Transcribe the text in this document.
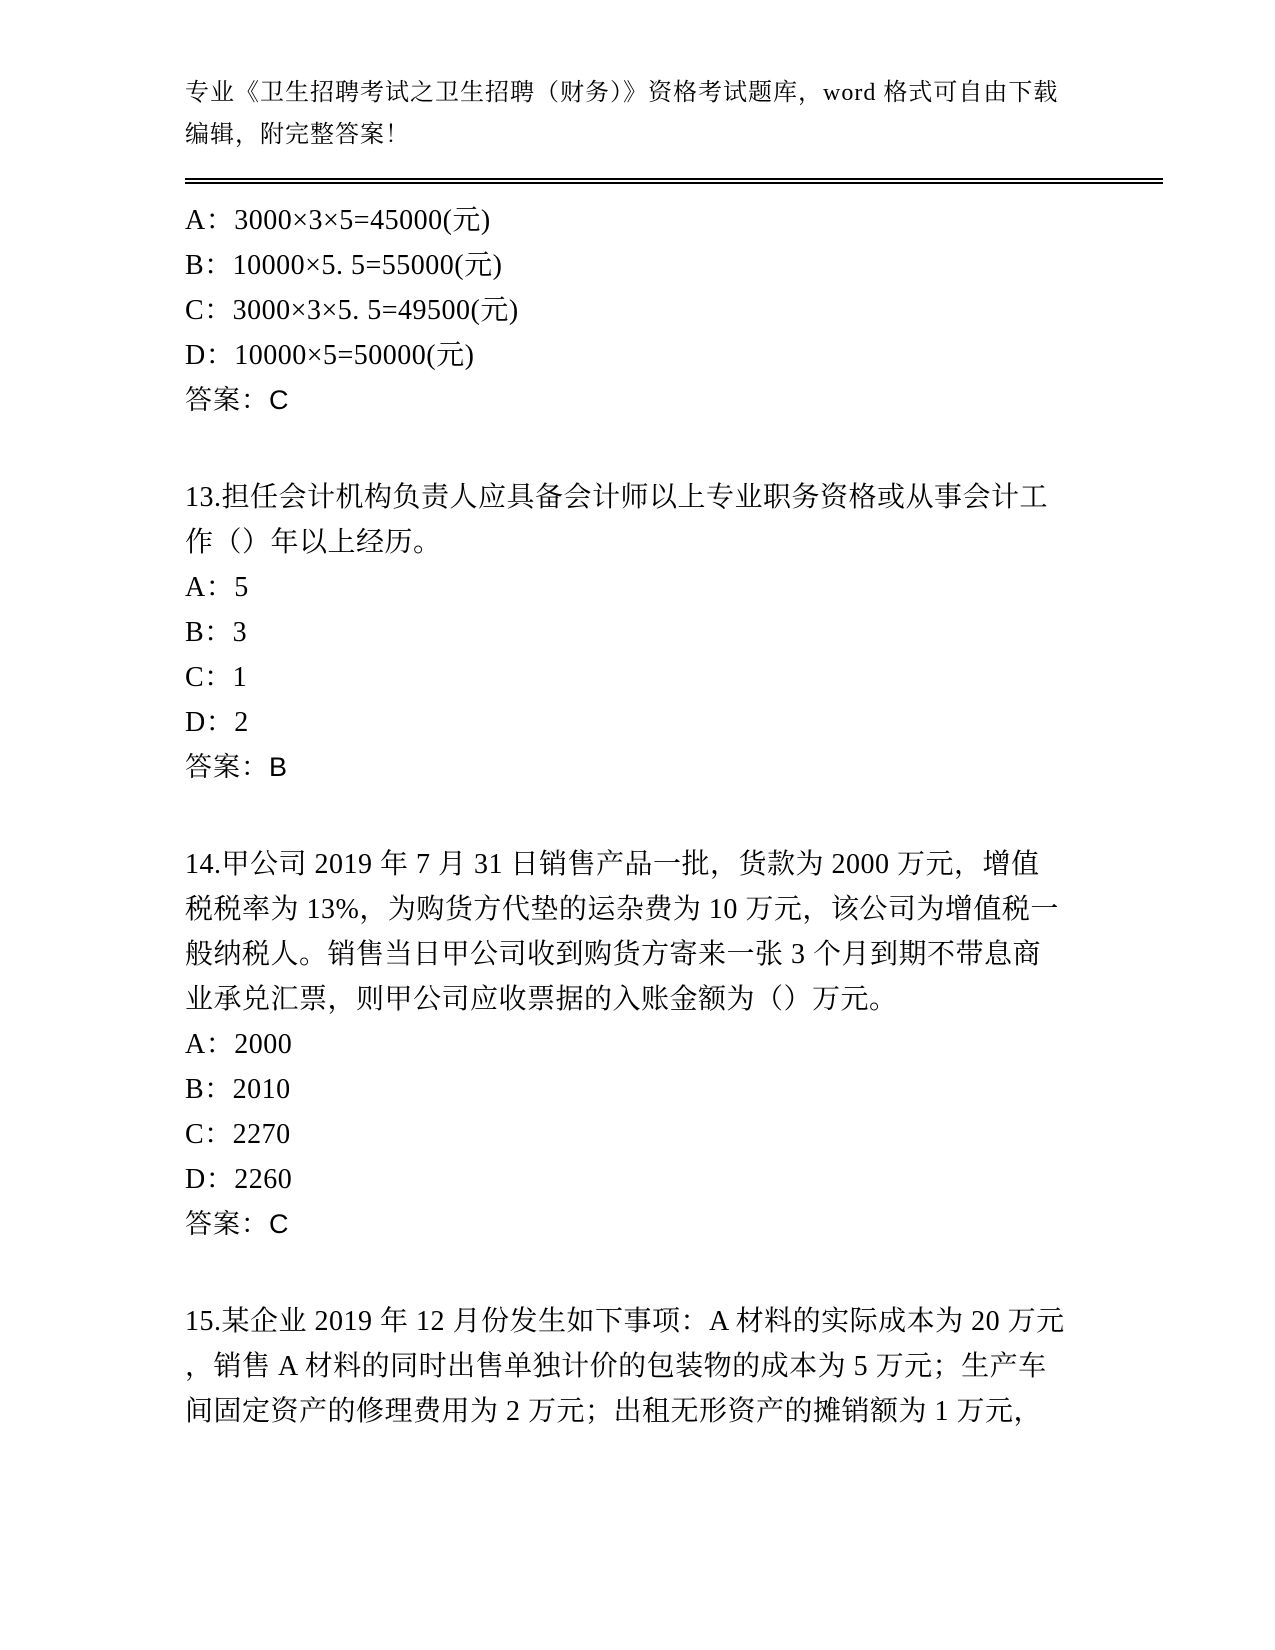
专业《卫生招聘考试之卫生招聘（财务）》资格考试题库，word 格式可自由下载
编辑，附完整答案！
A：3000×3×5=45000(元)
B：10000×5. 5=55000(元)
C：3000×3×5. 5=49500(元)
D：10000×5=50000(元)
答案：C
13.担任会计机构负责人应具备会计师以上专业职务资格或从事会计工
作（）年以上经历。
A：5
B：3
C：1
D：2
答案：B
14.甲公司 2019 年 7 月 31 日销售产品一批，货款为 2000 万元，增值
税税率为 13%，为购货方代垫的运杂费为 10 万元，该公司为增值税一
般纳税人。销售当日甲公司收到购货方寄来一张 3 个月到期不带息商
业承兑汇票，则甲公司应收票据的入账金额为（）万元。
A：2000
B：2010
C：2270
D：2260
答案：C
15.某企业 2019 年 12 月份发生如下事项：A 材料的实际成本为 20 万元
，销售 A 材料的同时出售单独计价的包装物的成本为 5 万元；生产车
间固定资产的修理费用为 2 万元；出租无形资产的摊销额为 1 万元，
